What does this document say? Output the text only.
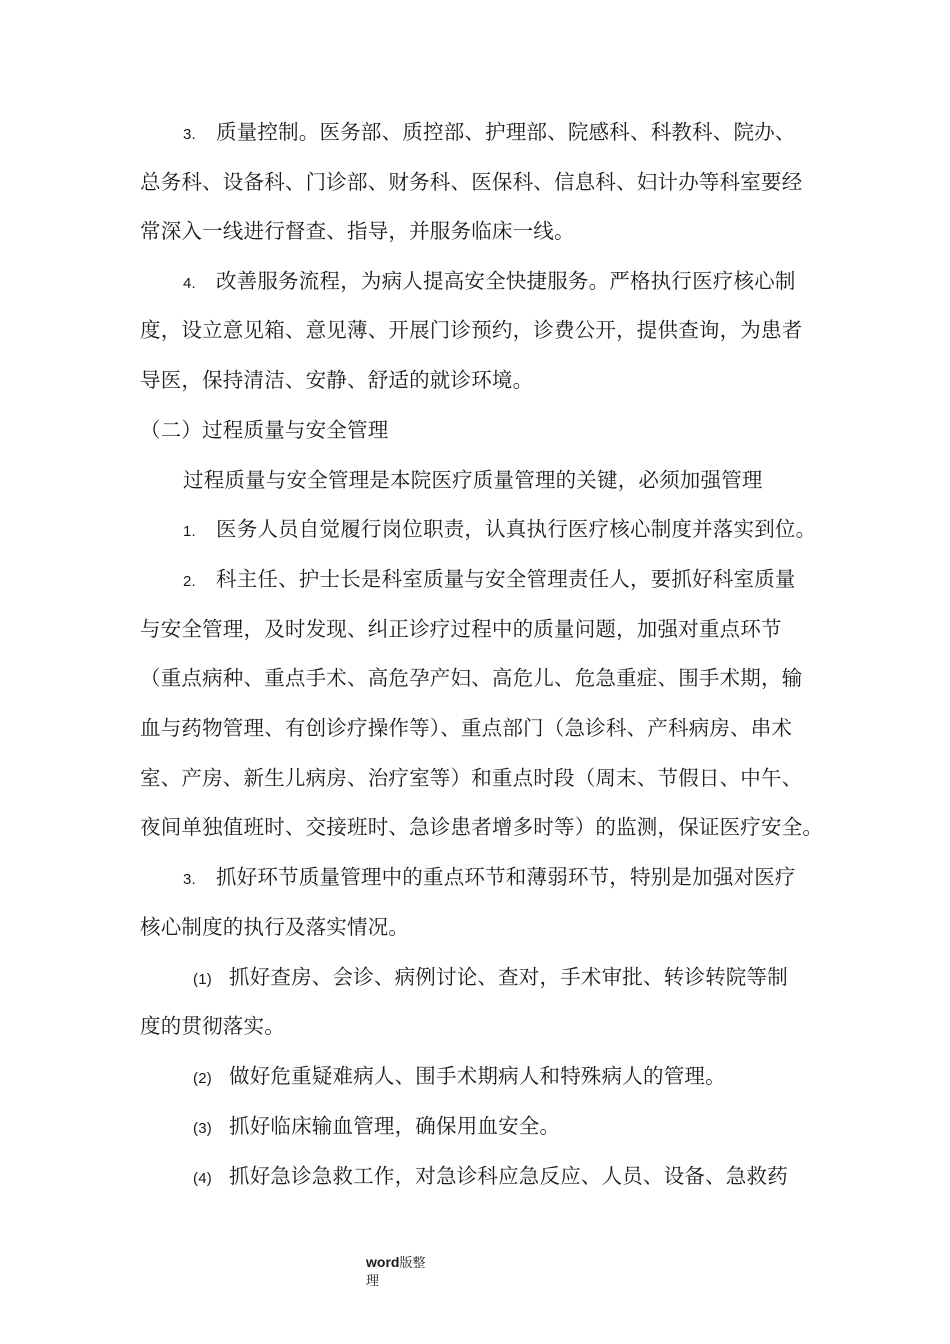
3. 质量控制。医务部、质控部、护理部、院感科、科教科、院办、
总务科、设备科、门诊部、财务科、医保科、信息科、妇计办等科室要经
常深入一线进行督查、指导，并服务临床一线。
4. 改善服务流程，为病人提高安全快捷服务。严格执行医疗核心制
度，设立意见箱、意见薄、开展门诊预约，诊费公开，提供查询，为患者
导医，保持清洁、安静、舒适的就诊环境。
（二）过程质量与安全管理
过程质量与安全管理是本院医疗质量管理的关键，必须加强管理
1. 医务人员自觉履行岗位职责，认真执行医疗核心制度并落实到位。
2. 科主任、护士长是科室质量与安全管理责任人，要抓好科室质量
与安全管理，及时发现、纠正诊疗过程中的质量问题，加强对重点环节
（重点病种、重点手术、高危孕产妇、高危儿、危急重症、围手术期，输
血与药物管理、有创诊疗操作等）、重点部门（急诊科、产科病房、串术
室、产房、新生儿病房、治疗室等）和重点时段（周末、节假日、中午、
夜间单独值班时、交接班时、急诊患者增多时等）的监测，保证医疗安全。
3. 抓好环节质量管理中的重点环节和薄弱环节，特别是加强对医疗
核心制度的执行及落实情况。
(1) 抓好查房、会诊、病例讨论、查对，手术审批、转诊转院等制
度的贯彻落实。
(2) 做好危重疑难病人、围手术期病人和特殊病人的管理。
(3) 抓好临床输血管理，确保用血安全。
(4) 抓好急诊急救工作，对急诊科应急反应、人员、设备、急救药
word版整
理
